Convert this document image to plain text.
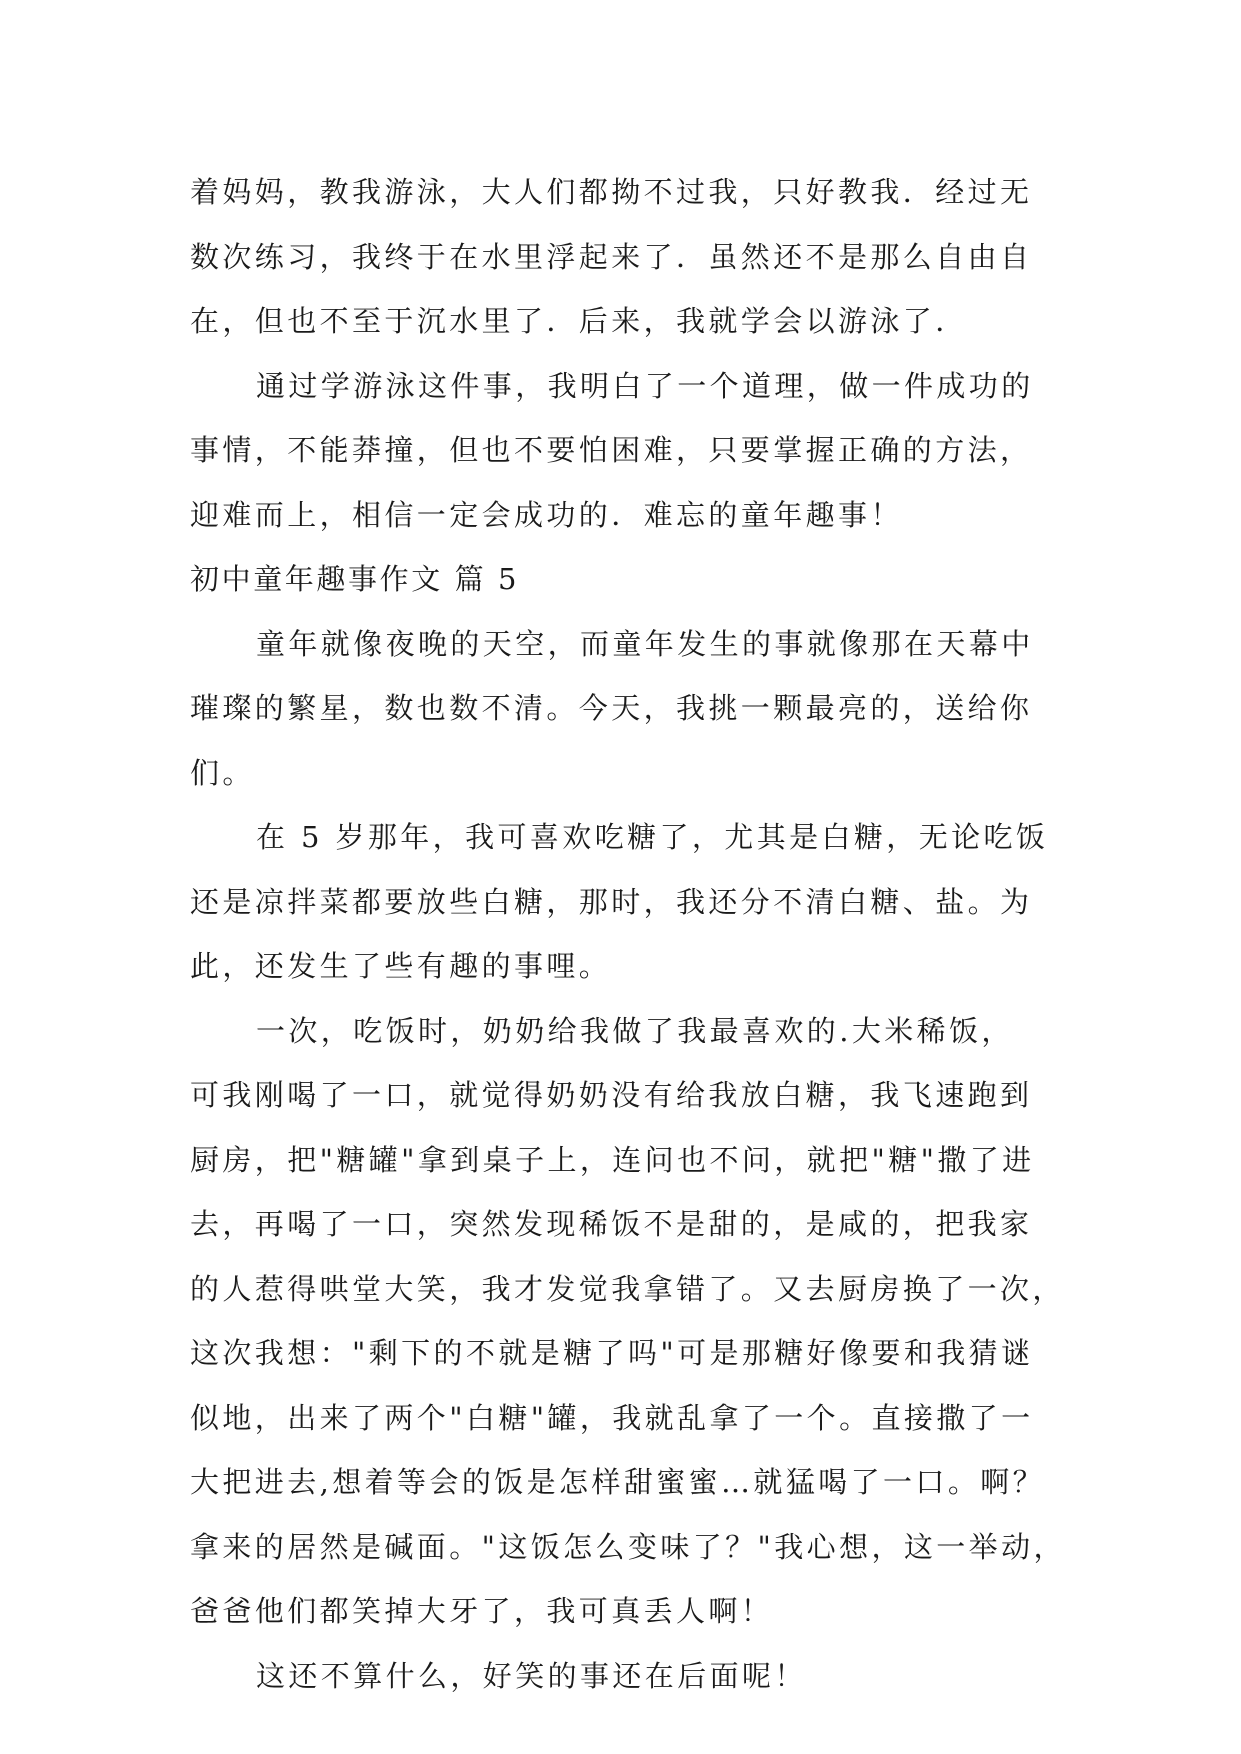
着妈妈，教我游泳，大人们都拗不过我，只好教我．经过无
数次练习，我终于在水里浮起来了．虽然还不是那么自由自
在，但也不至于沉水里了．后来，我就学会以游泳了．
通过学游泳这件事，我明白了一个道理，做一件成功的
事情，不能莽撞，但也不要怕困难，只要掌握正确的方法，
迎难而上，相信一定会成功的．难忘的童年趣事！
初中童年趣事作文 篇 5
童年就像夜晚的天空，而童年发生的事就像那在天幕中
璀璨的繁星，数也数不清。今天，我挑一颗最亮的，送给你
们。
在 5 岁那年，我可喜欢吃糖了，尤其是白糖，无论吃饭
还是凉拌菜都要放些白糖，那时，我还分不清白糖、盐。为
此，还发生了些有趣的事哩。
一次，吃饭时，奶奶给我做了我最喜欢的.大米稀饭，
可我刚喝了一口，就觉得奶奶没有给我放白糖，我飞速跑到
厨房，把"糖罐"拿到桌子上，连问也不问，就把"糖"撒了进
去，再喝了一口，突然发现稀饭不是甜的，是咸的，把我家
的人惹得哄堂大笑，我才发觉我拿错了。又去厨房换了一次，
这次我想："剩下的不就是糖了吗"可是那糖好像要和我猜谜
似地，出来了两个"白糖"罐，我就乱拿了一个。直接撒了一
大把进去,想着等会的饭是怎样甜蜜蜜…就猛喝了一口。啊？
拿来的居然是碱面。"这饭怎么变味了？"我心想，这一举动，
爸爸他们都笑掉大牙了，我可真丢人啊！
这还不算什么，好笑的事还在后面呢！
